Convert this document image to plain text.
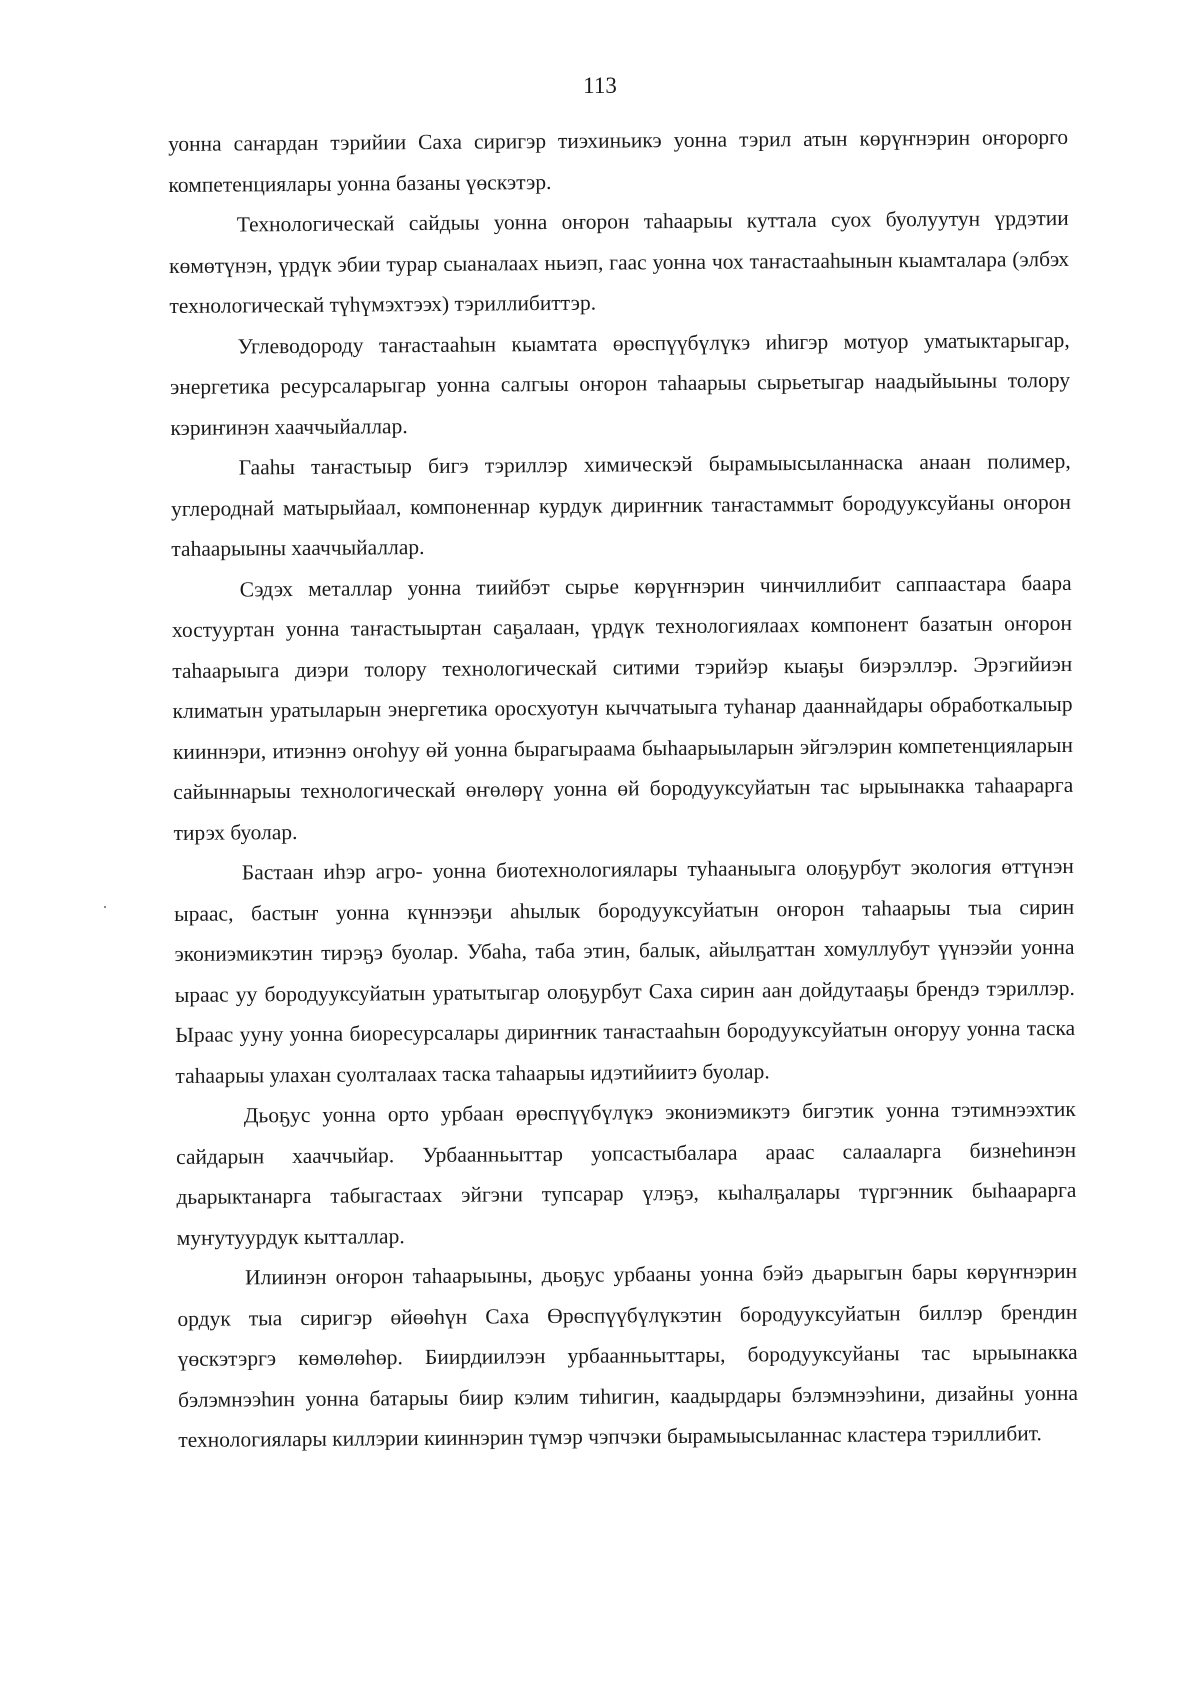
113

уонна саҥардан тэрийии Саха сиригэр тиэхиньикэ уонна тэрил атын көрүҥнэрин оҥорорго компетенциялары уонна базаны үөскэтэр.

Технологическай сайдыы уонна оҥорон таһаарыы куттала суох буолуутун үрдэтии көмөтүнэн, үрдүк эбии турар сыаналаах ньиэп, гаас уонна чох таҥастааһынын кыамталара (элбэх технологическай түһүмэхтээх) тэриллибиттэр.

Углеводороду таҥастааһын кыамтата өрөспүүбүлүкэ иһигэр мотуор уматыктарыгар, энергетика ресурсаларыгар уонна салгыы оҥорон таһаарыы сырьетыгар наадыйыыны толору кэриҥинэн хааччыйаллар.

Гааһы таҥастыыр бигэ тэриллэр химическэй бырамыысыланнаска анаан полимер, углероднай матырыйаал, компоненнар курдук дириҥник таҥастаммыт бородууксуйаны оҥорон таһаарыыны хааччыйаллар.

Сэдэх металлар уонна тиийбэт сырье көрүҥнэрин чинчиллибит саппаастара баара хостууртан уонна таҥастыыртан саҕалаан, үрдүк технологиялаах компонент базатын оҥорон таһаарыыга диэри толору технологическай ситими тэрийэр кыаҕы биэрэллэр. Эрэгийиэн климатын уратыларын энергетика оросхуотун кыччатыыга туһанар дааннайдары обработкалыыр кииннэри, итиэннэ оҥоһуу өй уонна бырагыраама быһаарыыларын эйгэлэрин компетенцияларын сайыннарыы технологическай өҥөлөрү уонна өй бородууксуйатын тас ырыынакка таһаарарга тирэх буолар.

Бастаан иһэр агро- уонна биотехнологиялары туһааныыга олоҕурбут экология өттүнэн ыраас, бастыҥ уонна күннээҕи аһылык бородууксуйатын оҥорон таһаарыы тыа сирин экониэмикэтин тирэҕэ буолар. Убаһа, таба этин, балык, айылҕаттан хомуллубут үүнээйи уонна ыраас уу бородууксуйатын уратытыгар олоҕурбут Саха сирин аан дойдутааҕы брендэ тэриллэр. Ыраас ууну уонна биоресурсалары дириҥник таҥастааһын бородууксуйатын оҥоруу уонна таска таһаарыы улахан суолталаах таска таһаарыы идэтийиитэ буолар.

Дьоҕус уонна орто урбаан өрөспүүбүлүкэ экониэмикэтэ бигэтик уонна тэтимнээхтик сайдарын хааччыйар. Урбаанньыттар уопсастыбалара араас салааларга бизнеһинэн дьарыктанарга табыгастаах эйгэни тупсарар үлэҕэ, кыһалҕалары түргэнник быһаарарга муҥутуурдук кытталлар.

Илиинэн оҥорон таһаарыыны, дьоҕус урбааны уонна бэйэ дьарыгын бары көрүҥнэрин ордук тыа сиригэр өйөөһүн Саха Өрөспүүбүлүкэтин бородууксуйатын биллэр брендин үөскэтэргэ көмөлөһөр. Биирдиилээн урбаанньыттары, бородууксуйаны тас ырыынакка бэлэмнээһин уонна батарыы биир кэлим тиһигин, каадырдары бэлэмнээһини, дизайны уонна технологиялары киллэрии кииннэрин түмэр чэпчэки бырамыысыланнас кластера тэриллибит.
